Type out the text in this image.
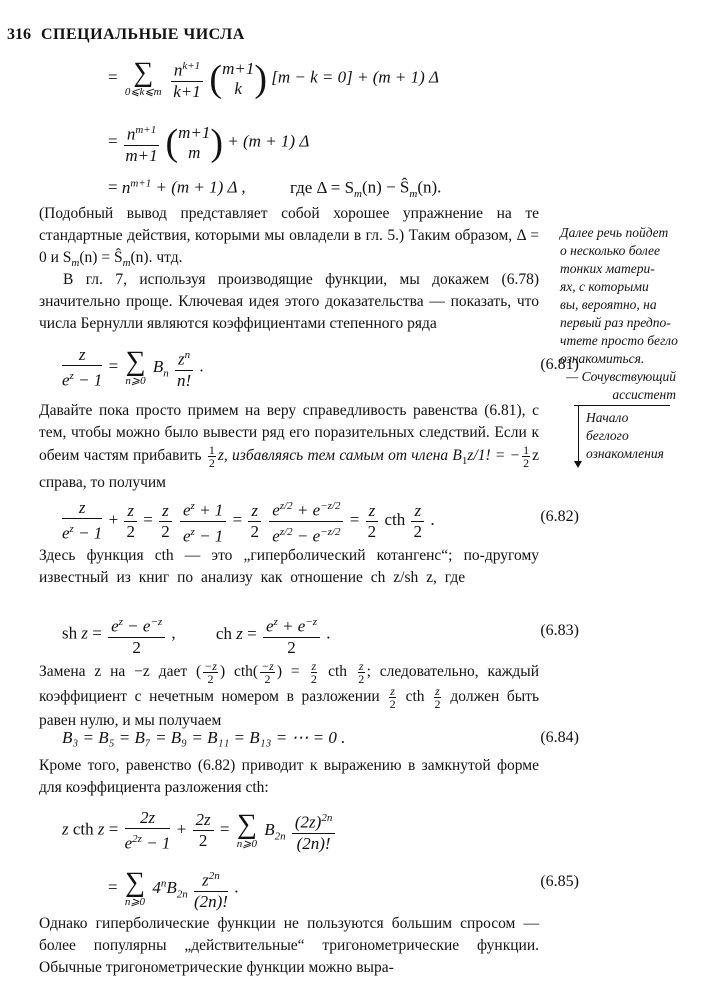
316 СПЕЦИАЛЬНЫЕ ЧИСЛА
= ∑
0⩽k⩽m
$\frac{n^{k+1}}{k+1} (m+1$
k ) [m − k = 0] + (m + 1) Δ
= $\frac{n^{m+1}}{m+1} (m+1$
m ) + (m + 1) Δ
= $n^{m+1} + (m + 1)$ Δ ,	где $\Delta = S_m(n)$ − $Ŝ_m(n)$.
(Подобный вывод представляет собой хорошее упражнение на те стандартные действия, которыми мы овладели в гл. 5.) Таким образом, Δ = 0 и $S_m(n)$ = $Ŝ_m(n)$. чтд.
В гл. 7, используя производящие функции, мы докажем (6.78) значительно проще. Ключевая идея этого доказательства — показать, что числа Бернулли являются коэффициентами степенного ряда
$\frac{z}{e^z - 1}$ = ∑
n⩾0
$B_n \frac{z^n}{n!}$ .	(6.81)
Давайте пока просто примем на веру справедливость равенства (6.81), с тем, чтобы можно было вывести ряд его поразительных следствий. Если к обеим частям прибавить $\frac{1}{2} z$, избавляясь тем самым от члена $B_1z/1$! = − $\frac{1}{2}$ z справа, то получим
$\frac{z}{e^z - 1} + \frac{z}{2} = \frac{z}{2}$
$\frac{e^z + 1}{e^z - 1} = \frac{z}{2}$
$\frac{e^{z/2} + e^{-z/2}}{e^{z/2} - e^{-z/2}} = \frac{z}{2}$ cth $\frac{z}{2}$ .	(6.82)
Здесь функция cth — это „гиперболический котангенс“; по-другому известный из книг по анализу как отношение ch z/sh z, где
sh $z = \frac{e^z - e^{-z}}{2}$ , ch $z = \frac{e^z + e^{-z}}{2}$ .	(6.83)
Замена z на −z дает ( $\frac{-z}{2}$ ) $cth( \frac{-z}{2}$ ) = $\frac{z}{2}$ cth $\frac{z}{2}$ ; следовательно, каждый коэффициент с нечетным номером в разложении $\frac{z}{2}$ cth $\frac{z}{2}$ должен быть равен нулю, и мы получаем
B₃ = B₅ = B₇ = B₉ = B₁₁ = B₁₃ = ⋯ = 0 .	(6.84)
Кроме того, равенство (6.82) приводит к выражению в замкнутой форме для коэффициента разложения cth:
z cth $z = \frac{2z}{e^{2z} - 1} + \frac{2z}{2}$ = ∑
n⩾0
$B_{2n} \frac{(2z)^{2n}}{(2n)!}$
= ∑
n⩾0
$4^nB_{2n} \frac{z^{2n}}{(2n)!}$ .	(6.85)
Однако гиперболические функции не пользуются большим спросом — более популярны „действительные“ тригонометрические функции. Обычные тригонометрические функции можно выра-
Далее речь пойдет
о несколько более
тонких матери-
ях, с которыми
вы, вероятно, на
первый раз предпо-
чтете просто бегло
ознакомиться.
— Сочувствующий
ассистент
Начало
беглого
ознакомления
